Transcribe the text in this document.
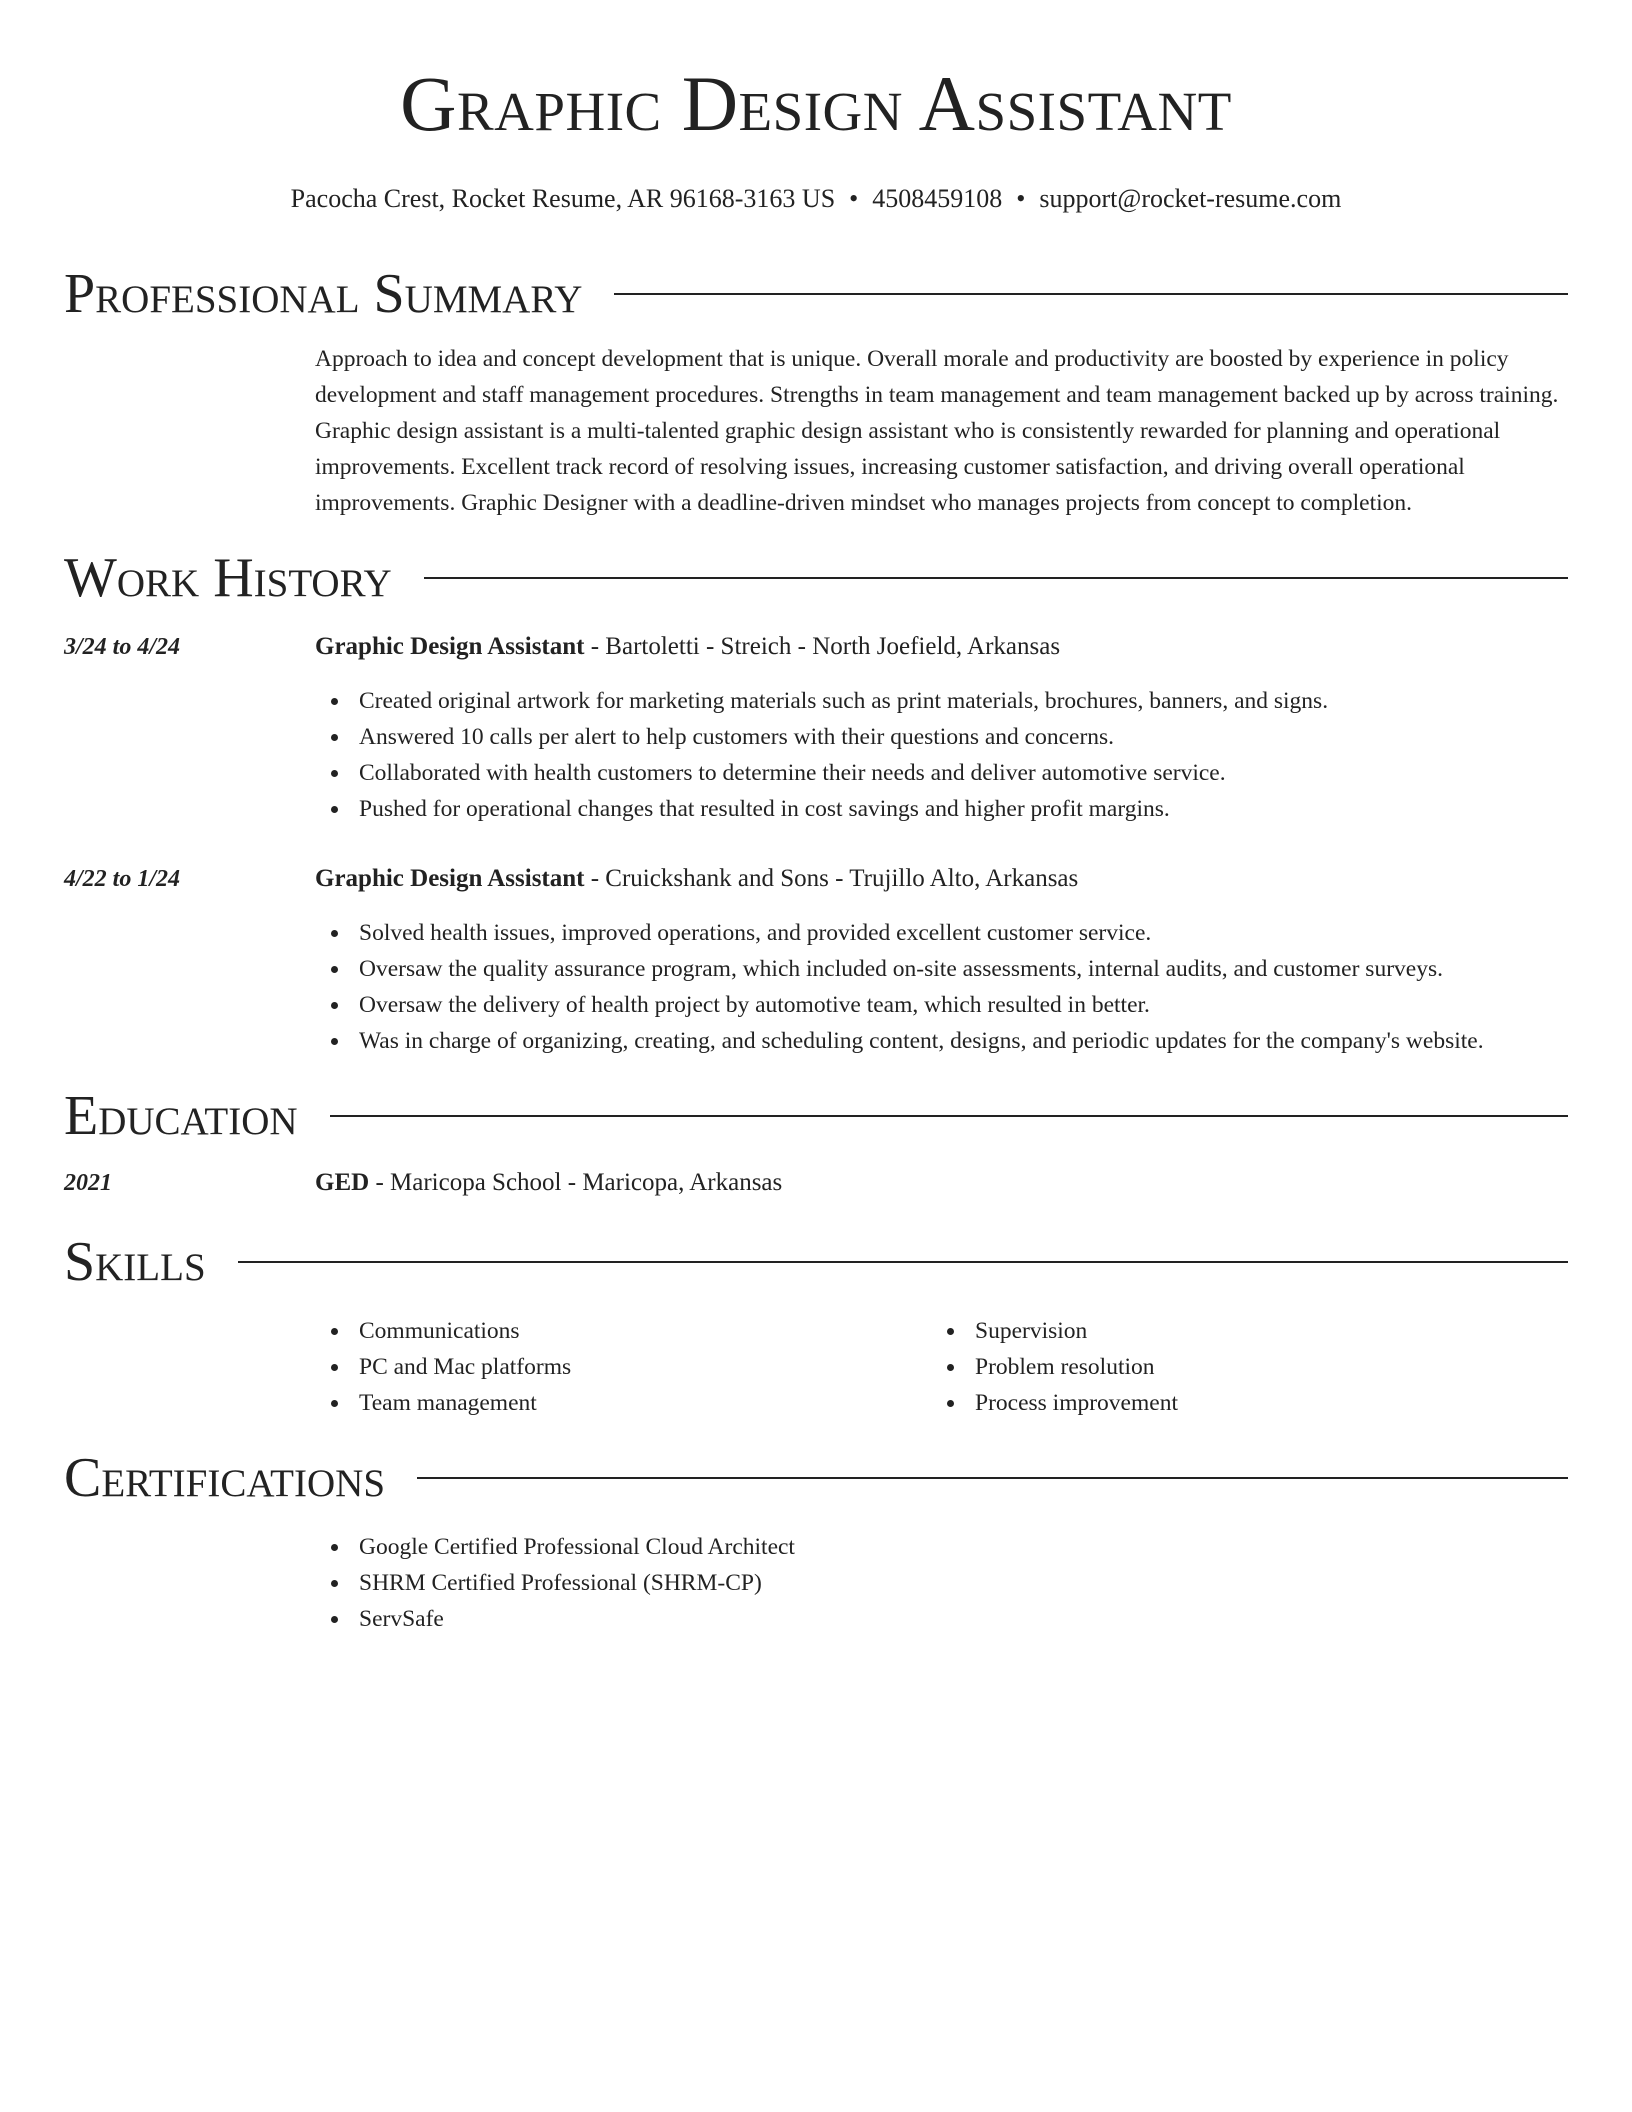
Graphic Design Assistant
Pacocha Crest, Rocket Resume, AR 96168-3163 US • 4508459108 • support@rocket-resume.com
Professional Summary

Approach to idea and concept development that is unique. Overall morale and productivity are boosted by experience in policy development and staff management procedures. Strengths in team management and team management backed up by across training. Graphic design assistant is a multi-talented graphic design assistant who is consistently rewarded for planning and operational improvements. Excellent track record of resolving issues, increasing customer satisfaction, and driving overall operational improvements. Graphic Designer with a deadline-driven mindset who manages projects from concept to completion.

Work History
3/24 to 4/24	Graphic Design Assistant - Bartoletti - Streich - North Joefield, Arkansas
Created original artwork for marketing materials such as print materials, brochures, banners, and signs.
Answered 10 calls per alert to help customers with their questions and concerns.
Collaborated with health customers to determine their needs and deliver automotive service.
Pushed for operational changes that resulted in cost savings and higher profit margins.
4/22 to 1/24	Graphic Design Assistant - Cruickshank and Sons - Trujillo Alto, Arkansas
Solved health issues, improved operations, and provided excellent customer service.
Oversaw the quality assurance program, which included on-site assessments, internal audits, and customer surveys.
Oversaw the delivery of health project by automotive team, which resulted in better.
Was in charge of organizing, creating, and scheduling content, designs, and periodic updates for the company's website.
Education
2021	GED - Maricopa School - Maricopa, Arkansas
Skills
Communications
PC and Mac platforms
Team management
Supervision
Problem resolution
Process improvement
Certifications
Google Certified Professional Cloud Architect
SHRM Certified Professional (SHRM-CP)
ServSafe
